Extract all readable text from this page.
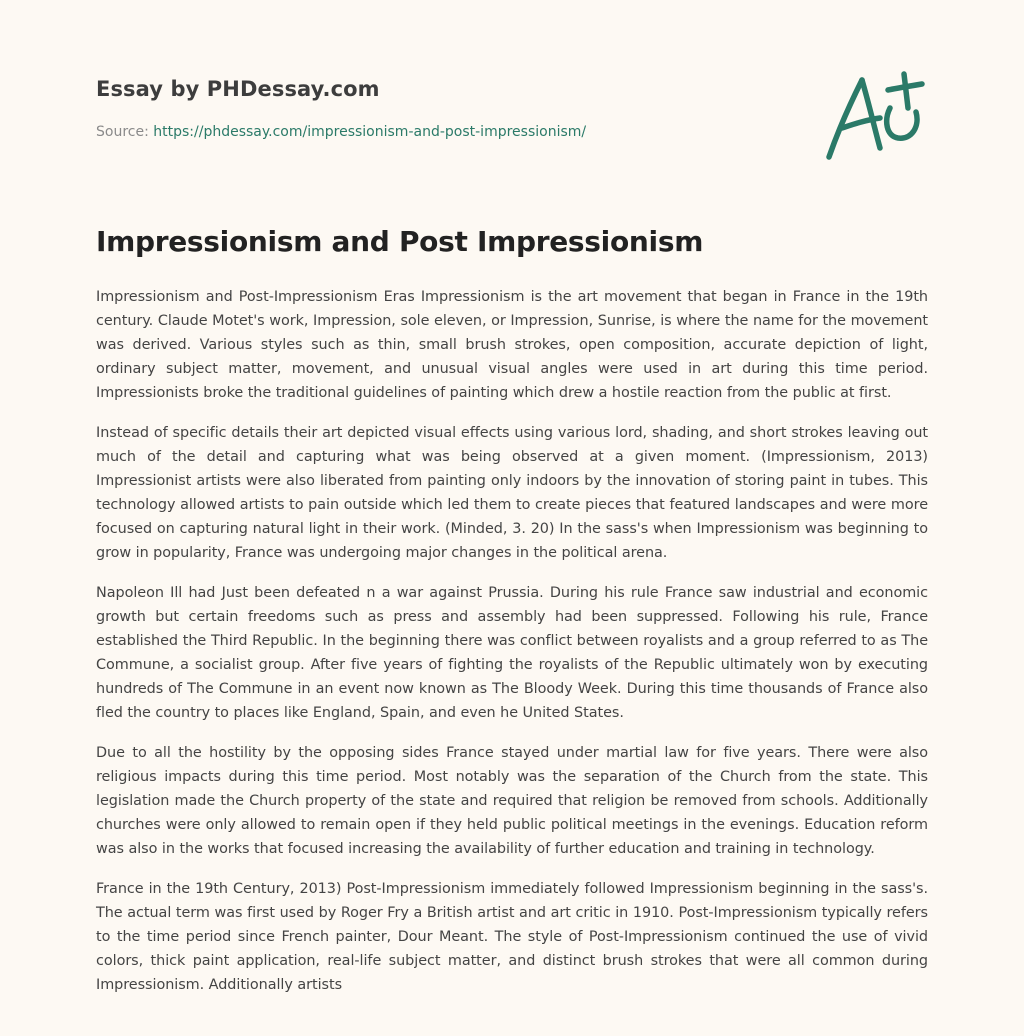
Essay by PHDessay.com

Source: https://phdessay.com/impressionism-and-post-impressionism/

Impressionism and Post Impressionism

Impressionism and Post-Impressionism Eras Impressionism is the art movement that began in France in the 19th century. Claude Motet's work, Impression, sole eleven, or Impression, Sunrise, is where the name for the movement was derived. Various styles such as thin, small brush strokes, open composition, accurate depiction of light, ordinary subject matter, movement, and unusual visual angles were used in art during this time period. Impressionists broke the traditional guidelines of painting which drew a hostile reaction from the public at first.

Instead of specific details their art depicted visual effects using various lord, shading, and short strokes leaving out much of the detail and capturing what was being observed at a given moment. (Impressionism, 2013) Impressionist artists were also liberated from painting only indoors by the innovation of storing paint in tubes. This technology allowed artists to pain outside which led them to create pieces that featured landscapes and were more focused on capturing natural light in their work. (Minded, 3. 20) In the sass's when Impressionism was beginning to grow in popularity, France was undergoing major changes in the political arena.

Napoleon Ill had Just been defeated n a war against Prussia. During his rule France saw industrial and economic growth but certain freedoms such as press and assembly had been suppressed. Following his rule, France established the Third Republic. In the beginning there was conflict between royalists and a group referred to as The Commune, a socialist group. After five years of fighting the royalists of the Republic ultimately won by executing hundreds of The Commune in an event now known as The Bloody Week. During this time thousands of France also fled the country to places like England, Spain, and even he United States.

Due to all the hostility by the opposing sides France stayed under martial law for five years. There were also religious impacts during this time period. Most notably was the separation of the Church from the state. This legislation made the Church property of the state and required that religion be removed from schools. Additionally churches were only allowed to remain open if they held public political meetings in the evenings. Education reform was also in the works that focused increasing the availability of further education and training in technology.

France in the 19th Century, 2013) Post-Impressionism immediately followed Impressionism beginning in the sass's. The actual term was first used by Roger Fry a British artist and art critic in 1910. Post-Impressionism typically refers to the time period since French painter, Dour Meant. The style of Post-Impressionism continued the use of vivid colors, thick paint application, real-life subject matter, and distinct brush strokes that were all common during Impressionism. Additionally artists
